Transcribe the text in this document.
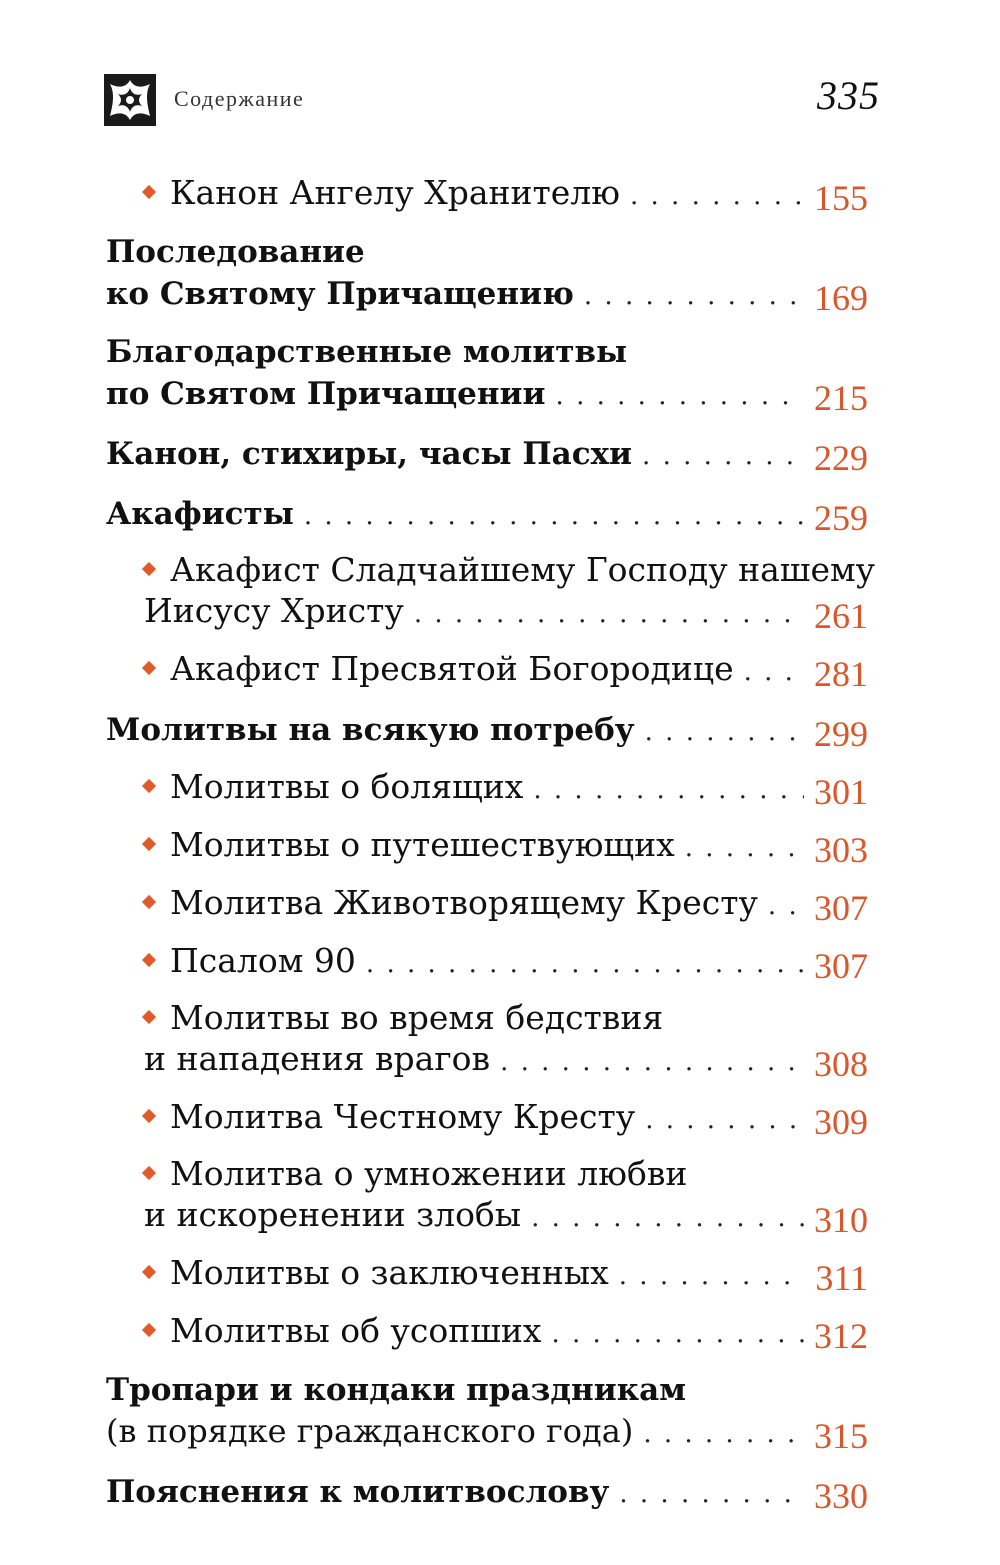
Содержание	335
Канон Ангелу Хранителю . . .	155
Последование
ко Святому Причащению . . .	169
Благодарственные молитвы
по Святом Причащении . . .	215
Канон, стихиры, часы Пасхи . . .	229
Акафисты . . .	259
Акафист Сладчайшему Господу нашему
Иисусу Христу . . .	261
Акафист Пресвятой Богородице . . . 281
Молитвы на всякую потребу . . .	299
Молитвы о болящих . . .	301
Молитвы о путешествующих . . .	303
Молитва Животворящему Кресту . . . 307
Псалом 90 . . .	307
Молитвы во время бедствия
и нападения врагов . . .	308
Молитва Честному Кресту . . .	309
Молитва о умножении любви
и искоренении злобы . . .	310
Молитвы о заключенных . . .	311
Молитвы об усопших . . .	312
Тропари и кондаки праздникам
(в порядке гражданского года) . . .	315
Пояснения к молитвослову . . .	330
